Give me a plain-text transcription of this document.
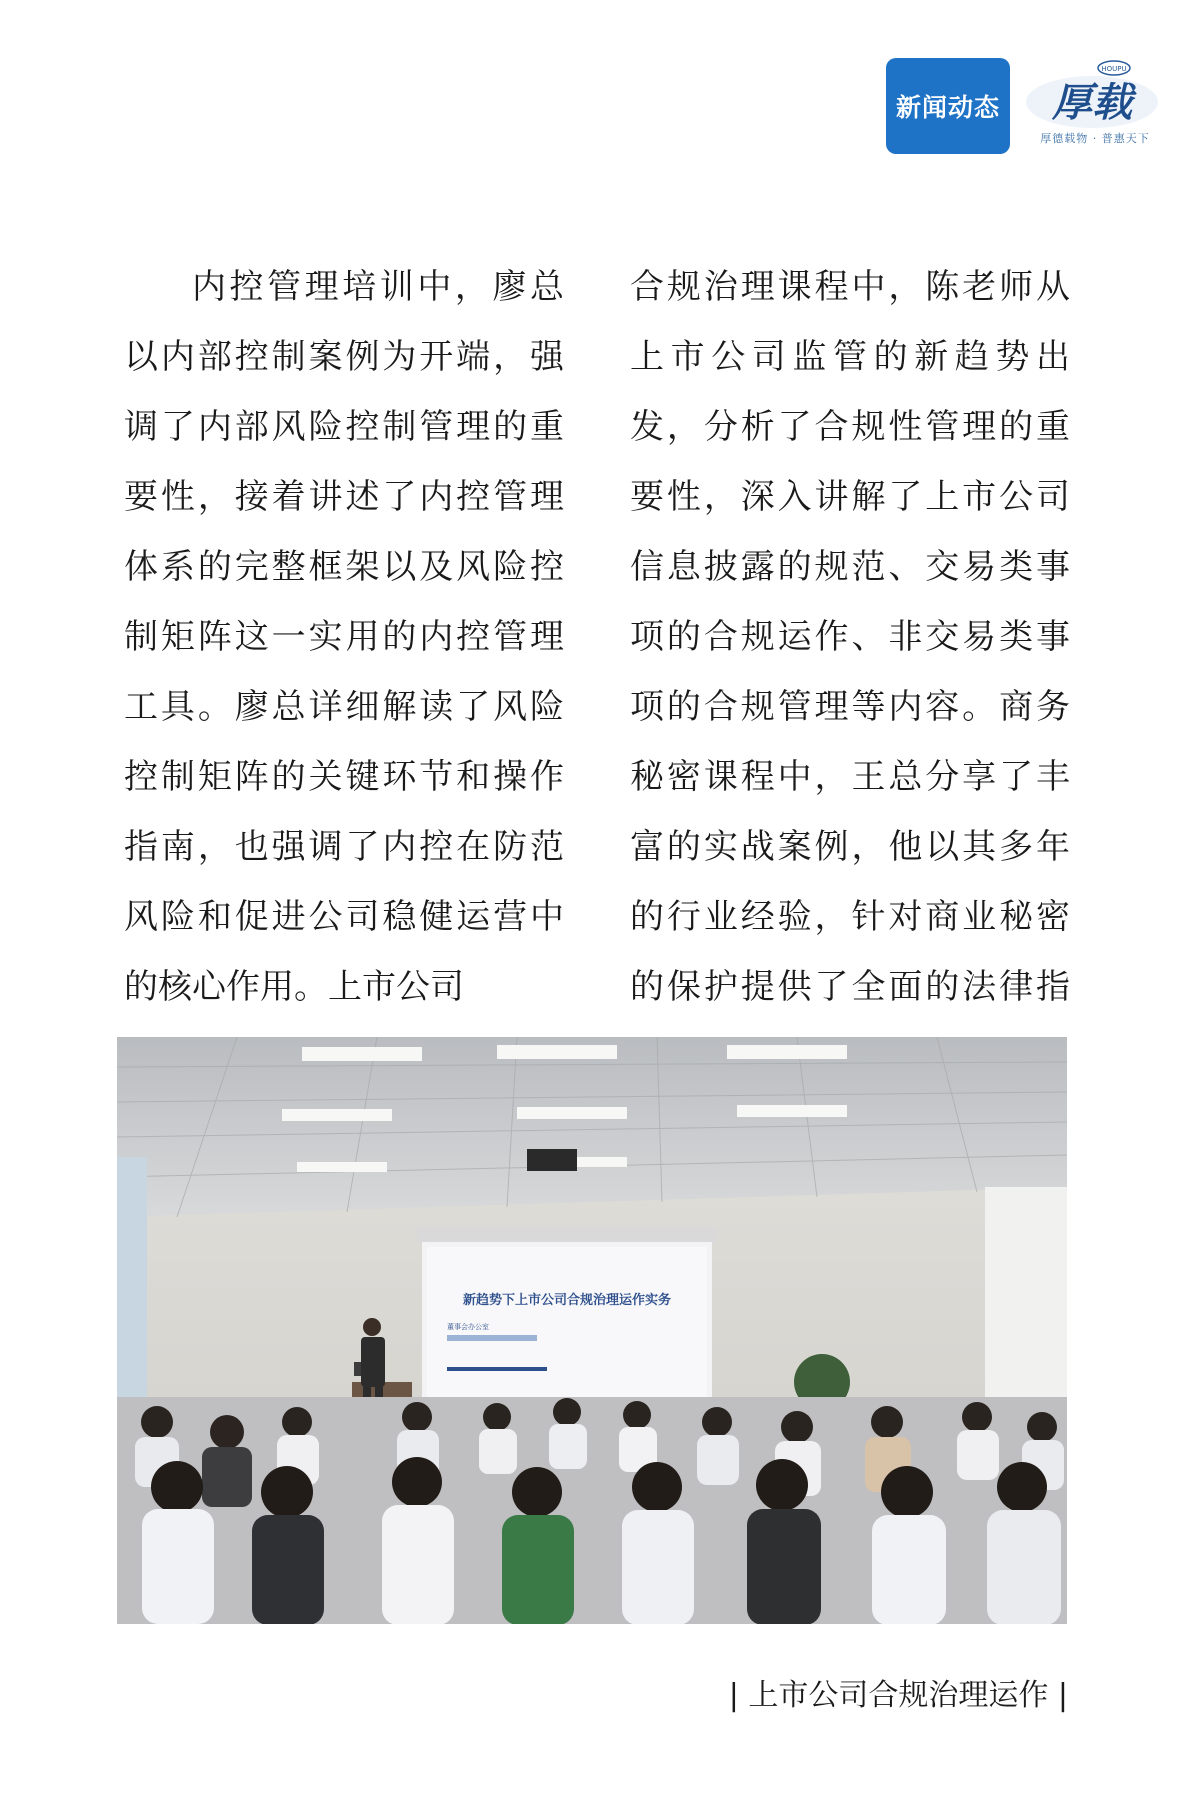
新闻动态
HOUPU
厚载
厚德载物 · 普惠天下
内控管理培训中，廖总以内部控制案例为开端，强调了内部风险控制管理的重要性，接着讲述了内控管理体系的完整框架以及风险控制矩阵这一实用的内控管理工具。廖总详细解读了风险控制矩阵的关键环节和操作指南，也强调了内控在防范风险和促进公司稳健运营中的核心作用。上市公司
合规治理课程中，陈老师从上市公司监管的新趋势出发，分析了合规性管理的重要性，深入讲解了上市公司信息披露的规范、交易类事项的合规运作、非交易类事项的合规管理等内容。商务秘密课程中，王总分享了丰富的实战案例，他以其多年的行业经验，针对商业秘密的保护提供了全面的法律指
新趋势下上市公司合规治理运作实务
董事会办公室
| 上市公司合规治理运作 |
